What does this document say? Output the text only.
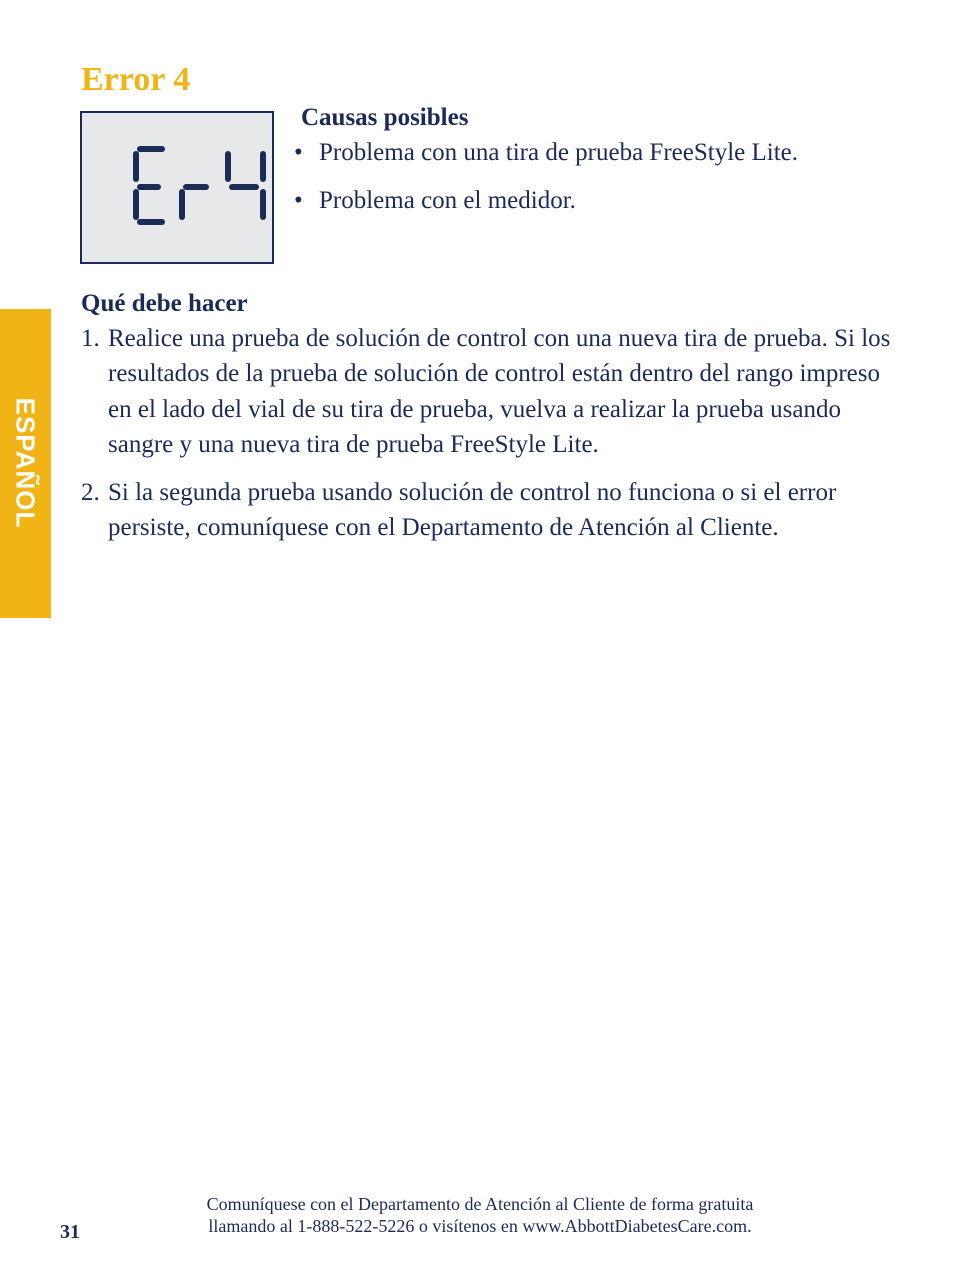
ESPAÑOL
Error 4
Causas posibles
• Problema con una tira de prueba FreeStyle Lite.
• Problema con el medidor.
Qué debe hacer
1. Realice una prueba de solución de control con una nueva tira de prueba. Si los resultados de la prueba de solución de control están dentro del rango impreso en el lado del vial de su tira de prueba, vuelva a realizar la prueba usando sangre y una nueva tira de prueba FreeStyle Lite.
2. Si la segunda prueba usando solución de control no funciona o si el error persiste, comuníquese con el Departamento de Atención al Cliente.
31
Comuníquese con el Departamento de Atención al Cliente de forma gratuita
llamando al 1-888-522-5226 o visítenos en www.AbbottDiabetesCare.com.
